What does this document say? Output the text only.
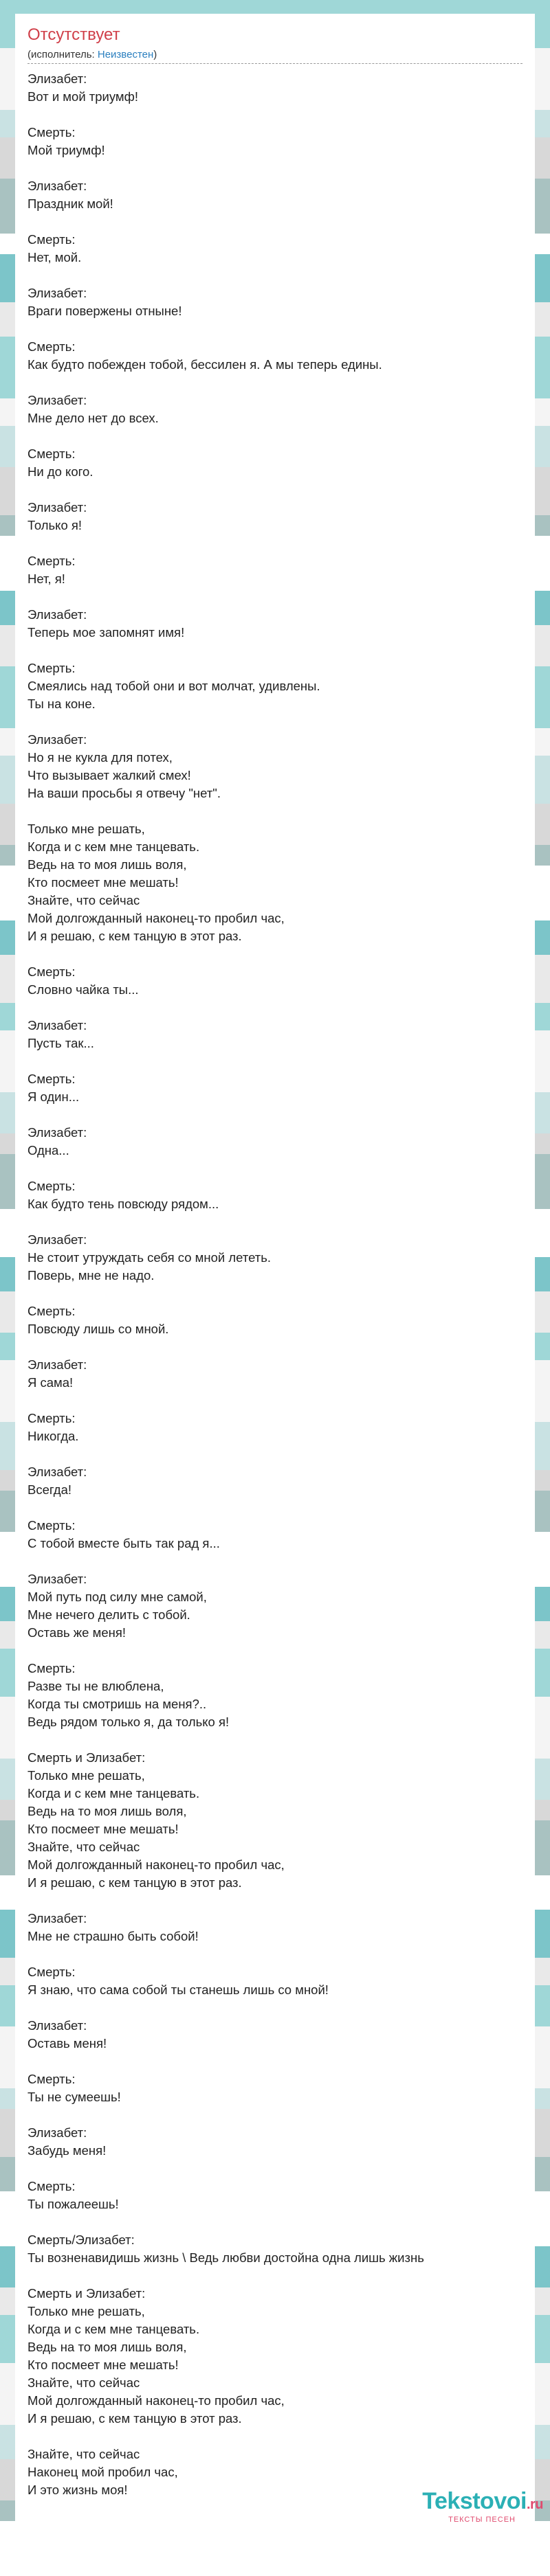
Отсутствует
(исполнитель: Неизвестен)
Элизабет:
Вот и мой триумф!
Смерть:
Мой триумф!
Элизабет:
Праздник мой!
Смерть:
Нет, мой.
Элизабет:
Враги повержены отныне!
Смерть:
Как будто побежден тобой, бессилен я. А мы теперь едины.
Элизабет:
Мне дело нет до всех.
Смерть:
Ни до кого.
Элизабет:
Только я!
Смерть:
Нет, я!
Элизабет:
Теперь мое запомнят имя!
Смерть:
Смеялись над тобой они и вот молчат, удивлены.
Ты на коне.
Элизабет:
Но я не кукла для потех,
Что вызывает жалкий смех!
На ваши просьбы я отвечу "нет".
Только мне решать,
Когда и с кем мне танцевать.
Ведь на то моя лишь воля,
Кто посмеет мне мешать!
Знайте, что сейчас
Мой долгожданный наконец-то пробил час,
И я решаю, с кем танцую в этот раз.
Смерть:
Словно чайка ты...
Элизабет:
Пусть так...
Смерть:
Я один...
Элизабет:
Одна...
Смерть:
Как будто тень повсюду рядом...
Элизабет:
Не стоит утруждать себя со мной лететь.
Поверь, мне не надо.
Смерть:
Повсюду лишь со мной.
Элизабет:
Я сама!
Смерть:
Никогда.
Элизабет:
Всегда!
Смерть:
С тобой вместе быть так рад я...
Элизабет:
Мой путь под силу мне самой,
Мне нечего делить с тобой.
Оставь же меня!
Смерть:
Разве ты не влюблена,
Когда ты смотришь на меня?..
Ведь рядом только я, да только я!
Смерть и Элизабет:
Только мне решать,
Когда и с кем мне танцевать.
Ведь на то моя лишь воля,
Кто посмеет мне мешать!
Знайте, что сейчас
Мой долгожданный наконец-то пробил час,
И я решаю, с кем танцую в этот раз.
Элизабет:
Мне не страшно быть собой!
Смерть:
Я знаю, что сама собой ты станешь лишь со мной!
Элизабет:
Оставь меня!
Смерть:
Ты не сумеешь!
Элизабет:
Забудь меня!
Смерть:
Ты пожалеешь!
Смерть/Элизабет:
Ты возненавидишь жизнь \ Ведь любви достойна одна лишь жизнь
Смерть и Элизабет:
Только мне решать,
Когда и с кем мне танцевать.
Ведь на то моя лишь воля,
Кто посмеет мне мешать!
Знайте, что сейчас
Мой долгожданный наконец-то пробил час,
И я решаю, с кем танцую в этот раз.
Знайте, что сейчас
Наконец мой пробил час,
И это жизнь моя!	Tekstovoi.ru
ТЕКСТЫ ПЕСЕН
